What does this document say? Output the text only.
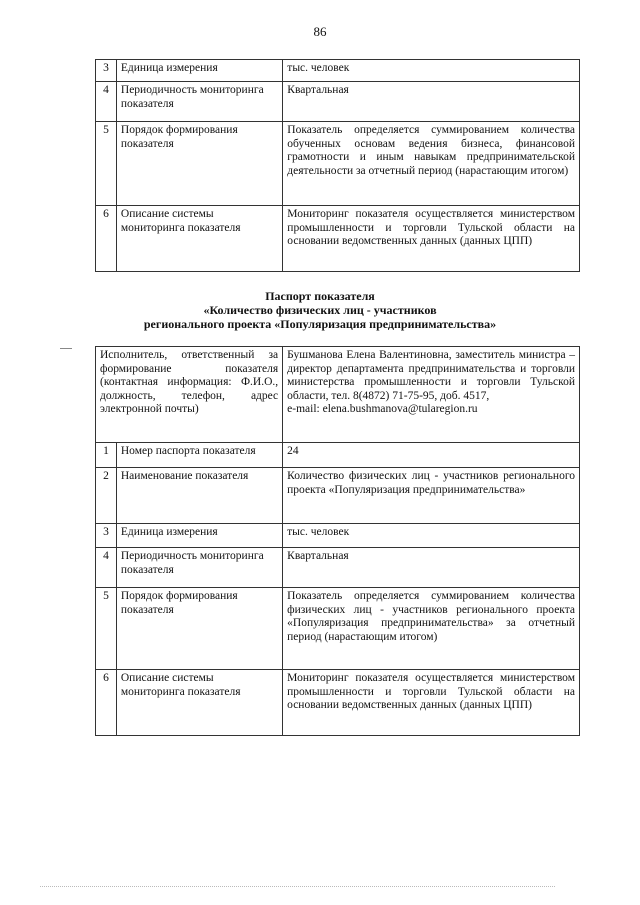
86
3	Единица измерения	тыс. человек
4	Периодичность мониторинга показателя	Квартальная
5	Порядок формирования показателя	Показатель определяется суммированием количества обученных основам ведения бизнеса, финансовой грамотности и иным навыкам предпринимательской деятельности за отчетный период (нарастающим итогом)
6	Описание системы мониторинга показателя	Мониторинг показателя осуществляется министерством промышленности и торговли Тульской области на основании ведомственных данных (данных ЦПП)
Паспорт показателя
«Количество физических лиц - участников
регионального проекта «Популяризация предпринимательства»
Исполнитель, ответственный за формирование показателя (контактная информация: Ф.И.О., должность, телефон, адрес электронной почты)		Бушманова Елена Валентиновна, заместитель министра – директор департамента предпринимательства и торговли министерства промышленности и торговли Тульской области, тел. 8(4872) 71-75-95, доб. 4517,
e-mail: elena.bushmanova@tularegion.ru

1	Номер паспорта показателя	24
2	Наименование показателя	Количество физических лиц - участников регионального проекта «Популяризация предпринимательства»
3	Единица измерения	тыс. человек
4	Периодичность мониторинга показателя	Квартальная
5	Порядок формирования показателя	Показатель определяется суммированием количества физических лиц - участников регионального проекта «Популяризация предпринимательства» за отчетный период (нарастающим итогом)
6	Описание системы мониторинга показателя	Мониторинг показателя осуществляется министерством промышленности и торговли Тульской области на основании ведомственных данных (данных ЦПП)
